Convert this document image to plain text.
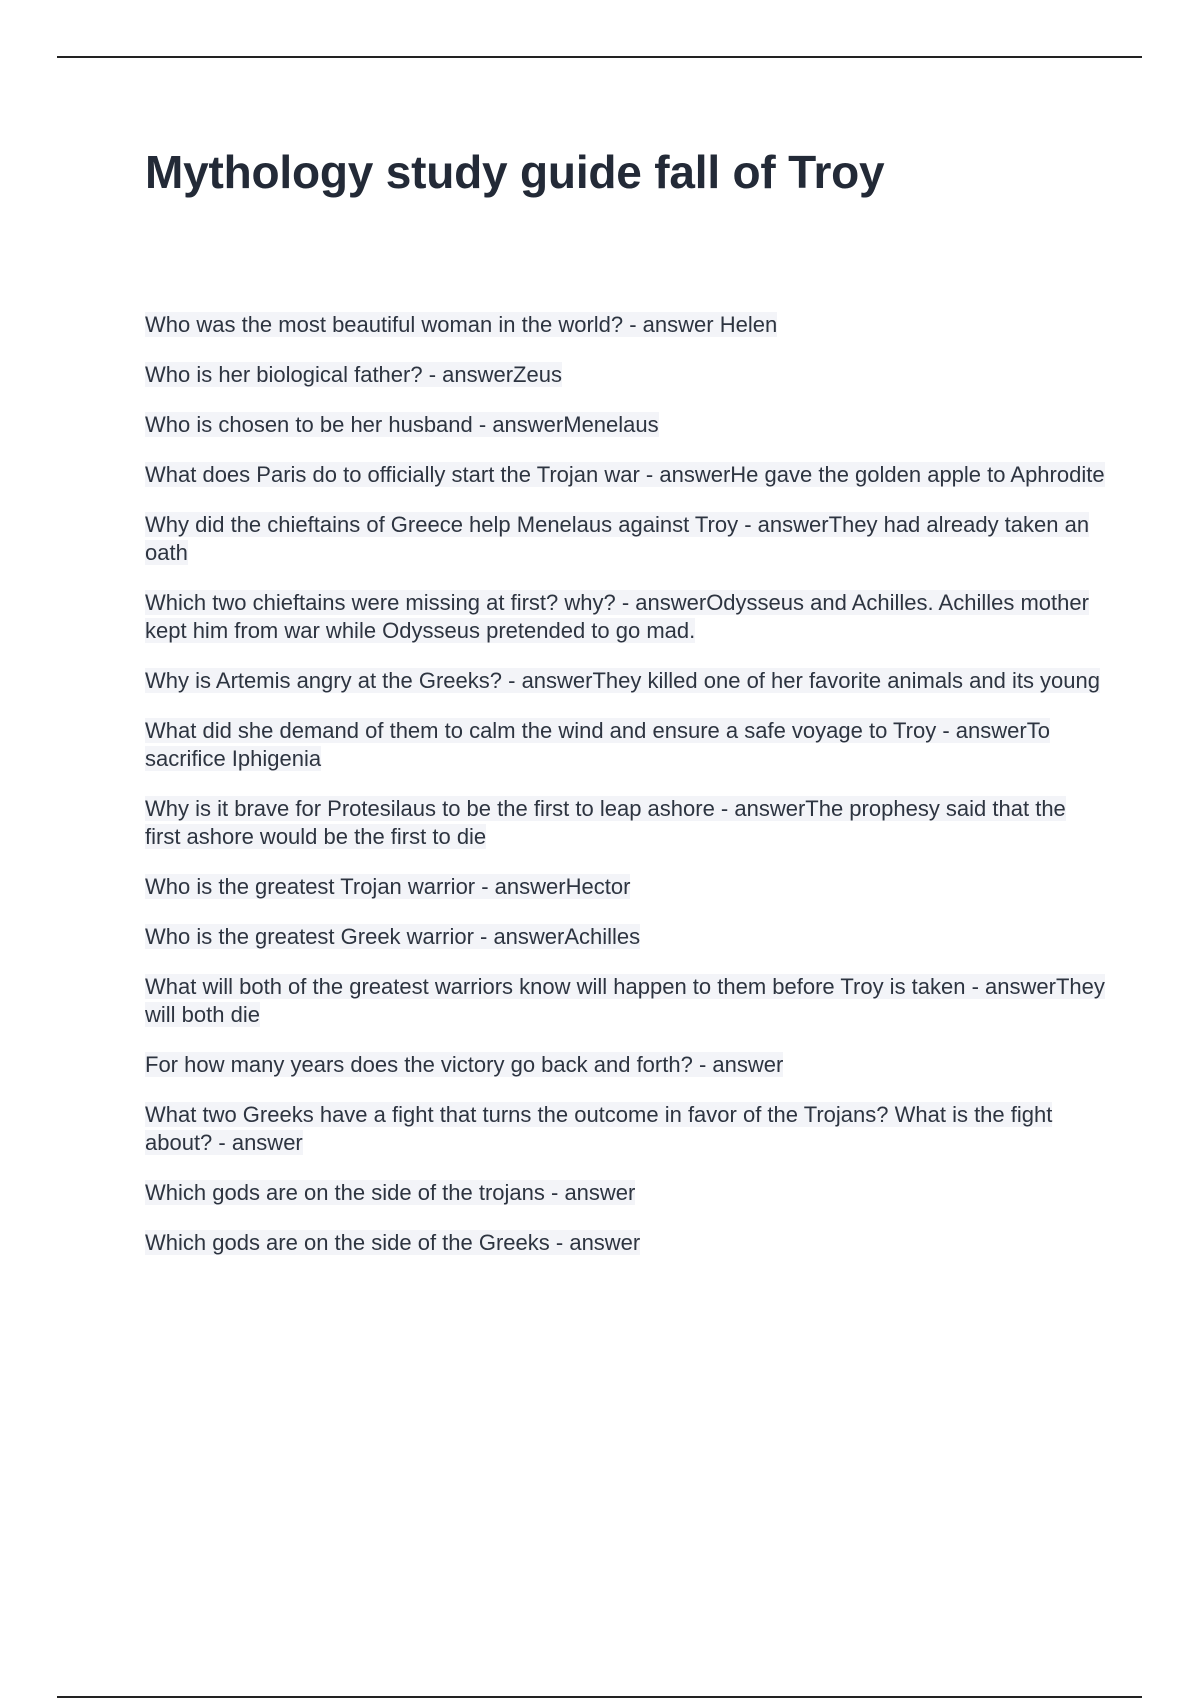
Mythology study guide fall of Troy
Who was the most beautiful woman in the world? - answer Helen
Who is her biological father? - answerZeus
Who is chosen to be her husband - answerMenelaus
What does Paris do to officially start the Trojan war - answerHe gave the golden apple to Aphrodite
Why did the chieftains of Greece help Menelaus against Troy - answerThey had already taken an oath
Which two chieftains were missing at first? why? - answerOdysseus and Achilles. Achilles mother kept him from war while Odysseus pretended to go mad.
Why is Artemis angry at the Greeks? - answerThey killed one of her favorite animals and its young
What did she demand of them to calm the wind and ensure a safe voyage to Troy - answerTo sacrifice Iphigenia
Why is it brave for Protesilaus to be the first to leap ashore - answerThe prophesy said that the first ashore would be the first to die
Who is the greatest Trojan warrior - answerHector
Who is the greatest Greek warrior - answerAchilles
What will both of the greatest warriors know will happen to them before Troy is taken - answerThey will both die
For how many years does the victory go back and forth? - answer
What two Greeks have a fight that turns the outcome in favor of the Trojans? What is the fight about? - answer
Which gods are on the side of the trojans - answer
Which gods are on the side of the Greeks - answer
